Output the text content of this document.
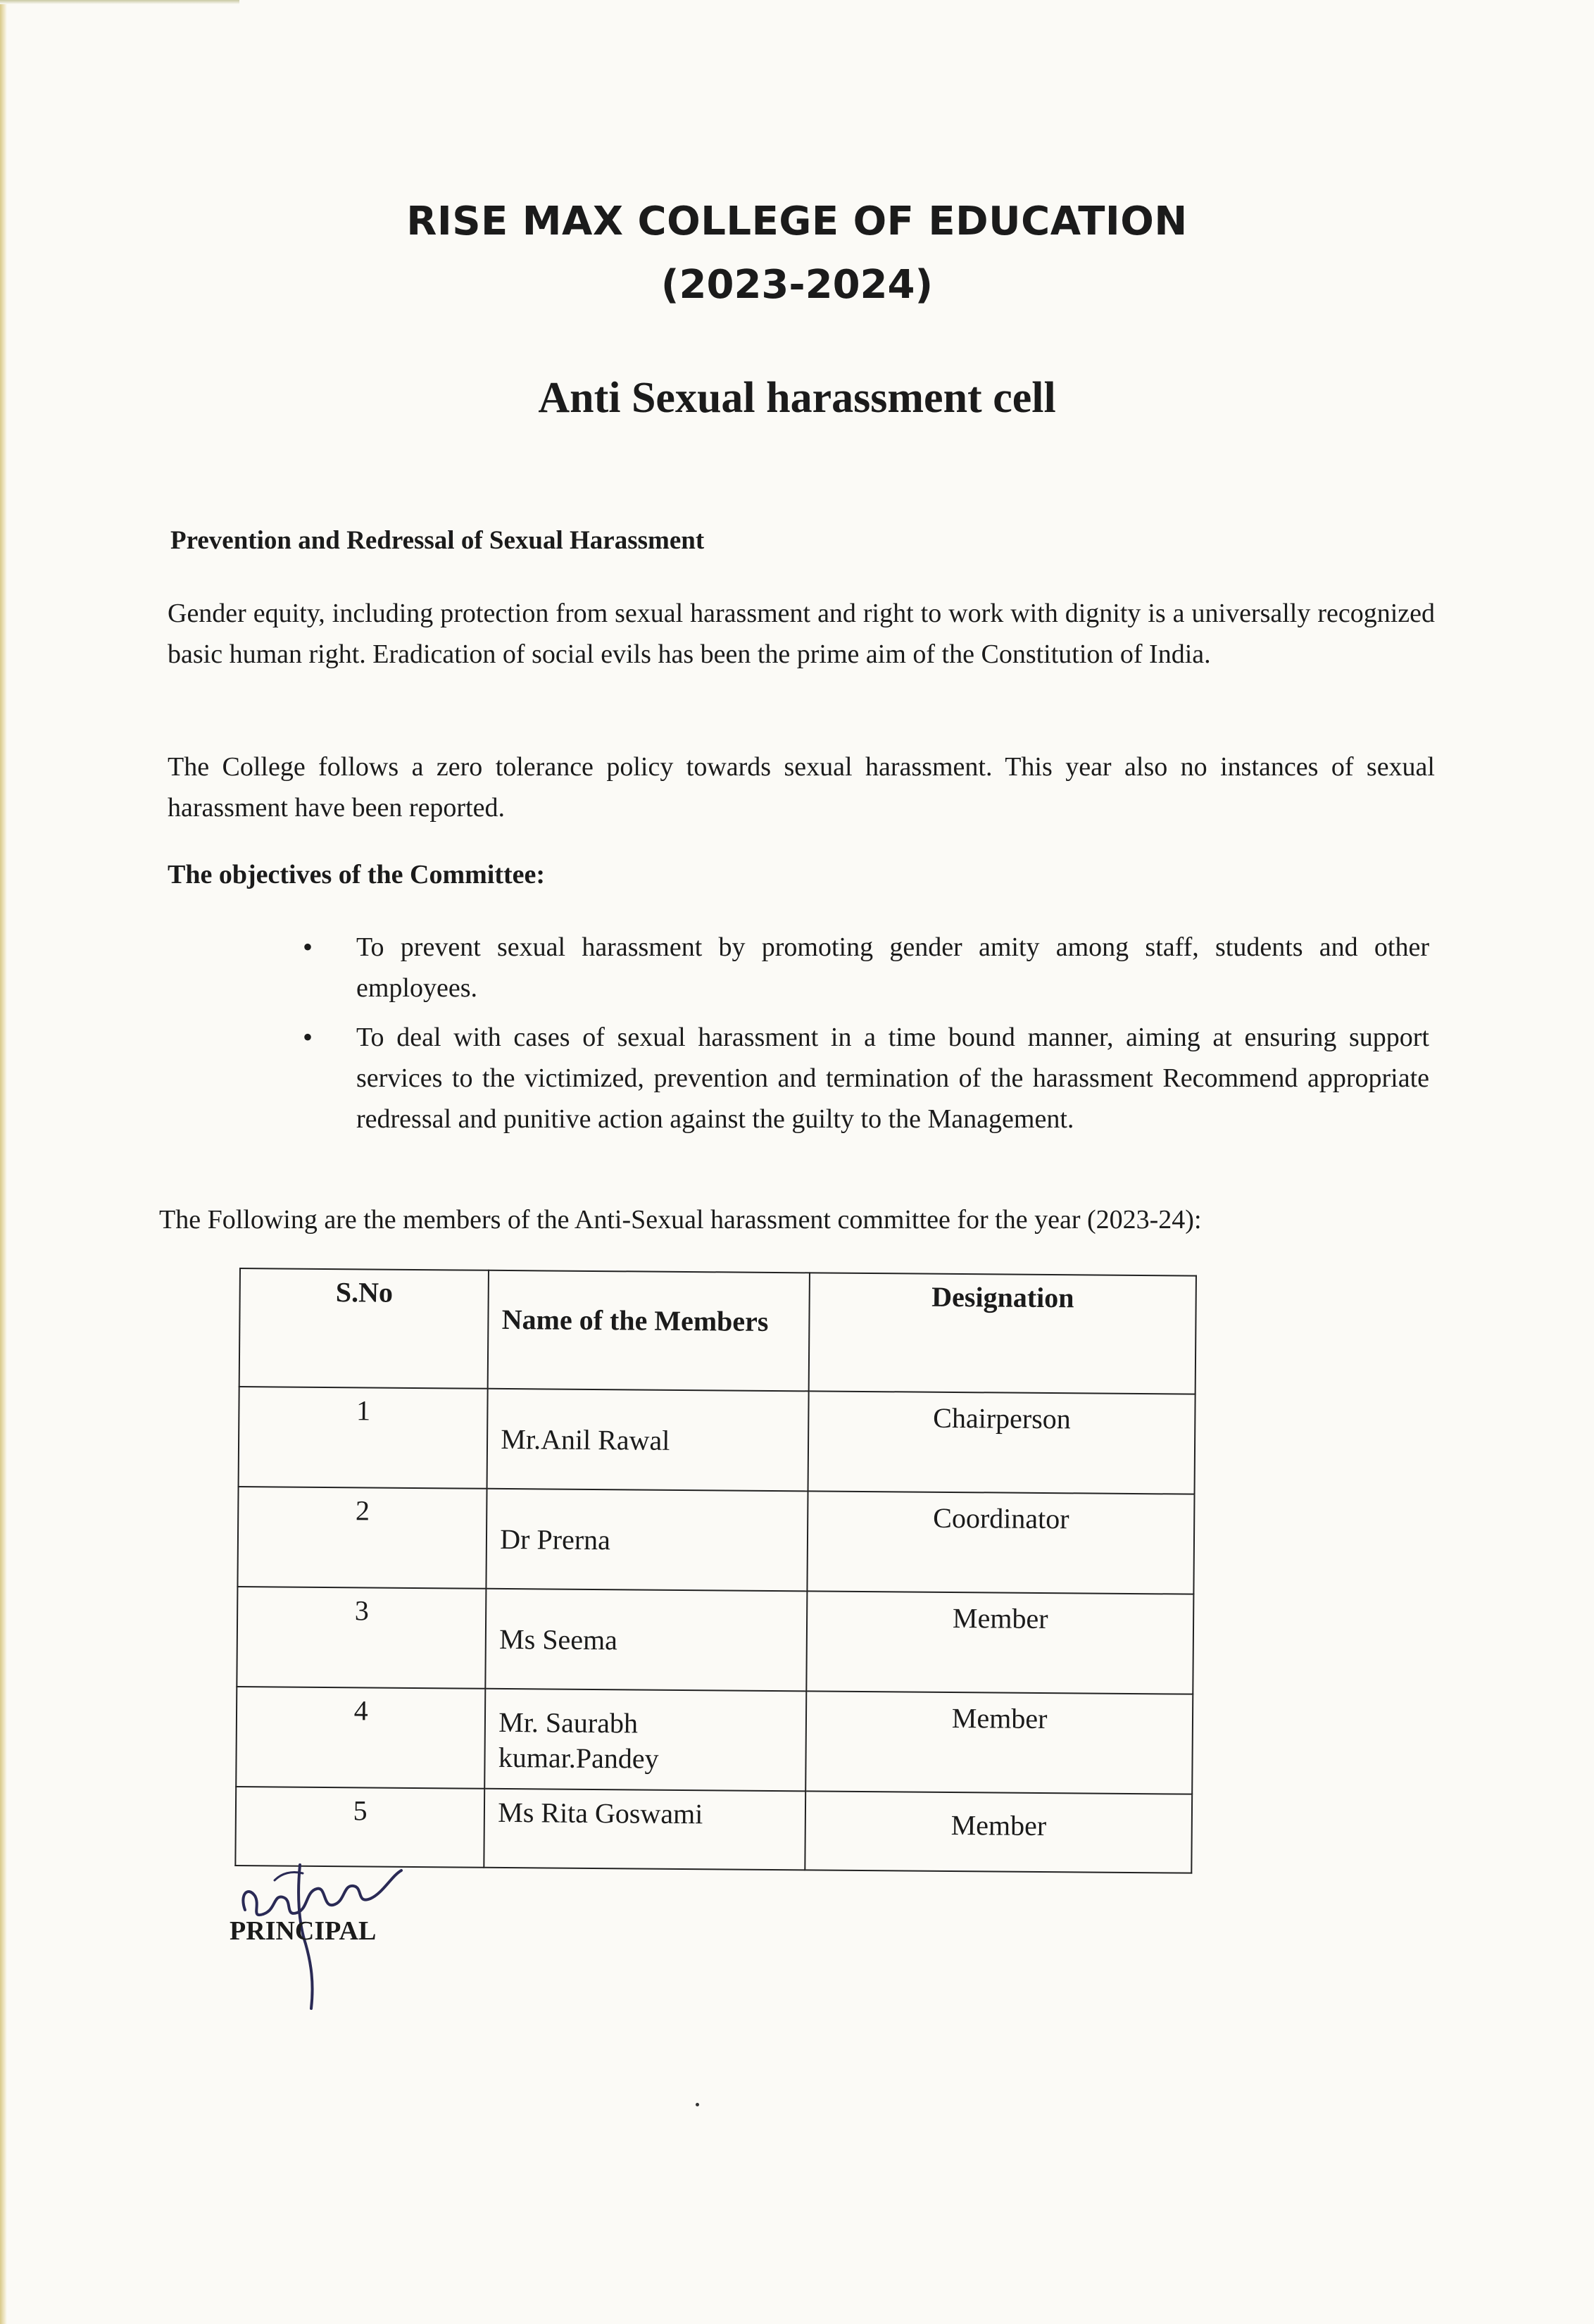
RISE MAX COLLEGE OF EDUCATION
(2023-2024)
Anti Sexual harassment cell
Prevention and Redressal of Sexual Harassment
Gender equity, including protection from sexual harassment and right to work with dignity is a universally recognized basic human right. Eradication of social evils has been the prime aim of the Constitution of India.
The College follows a zero tolerance policy towards sexual harassment. This year also no instances of sexual harassment have been reported.
The objectives of the Committee:
• To prevent sexual harassment by promoting gender amity among staff, students and other employees.
• To deal with cases of sexual harassment in a time bound manner, aiming at ensuring support services to the victimized, prevention and termination of the harassment Recommend appropriate redressal and punitive action against the guilty to the Management.
The Following are the members of the Anti-Sexual harassment committee for the year (2023-24):
S.No	Name of the Members	Designation
1	Mr.Anil Rawal	Chairperson

2	Dr Prerna	Coordinator

3	Ms Seema	Member

4	Mr. Saurabh kumar.Pandey	Member

5	Ms Rita Goswami	Member
PRINCIPAL
